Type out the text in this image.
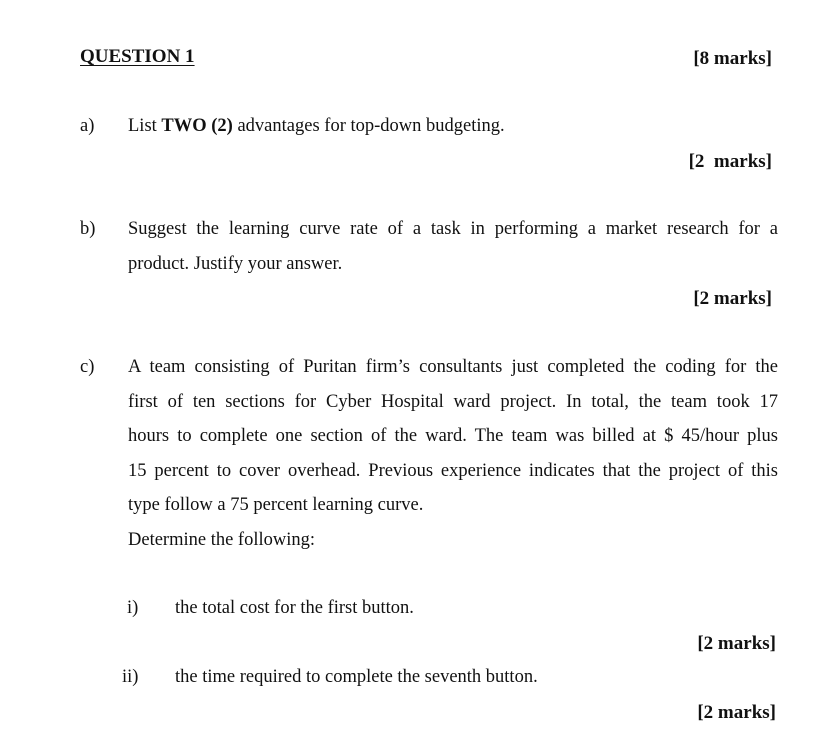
QUESTION 1	[8 marks]
a) List TWO (2) advantages for top-down budgeting.
[2  marks]
b) Suggest the learning curve rate of a task in performing a market research for a
product. Justify your answer.
[2 marks]
c) A team consisting of Puritan firm’s consultants just completed the coding for the
first of ten sections for Cyber Hospital ward project. In total, the team took 17
hours to complete one section of the ward. The team was billed at $ 45/hour plus
15 percent to cover overhead. Previous experience indicates that the project of this
type follow a 75 percent learning curve.
Determine the following:
i) the total cost for the first button.
[2 marks]
ii) the time required to complete the seventh button.
[2 marks]
